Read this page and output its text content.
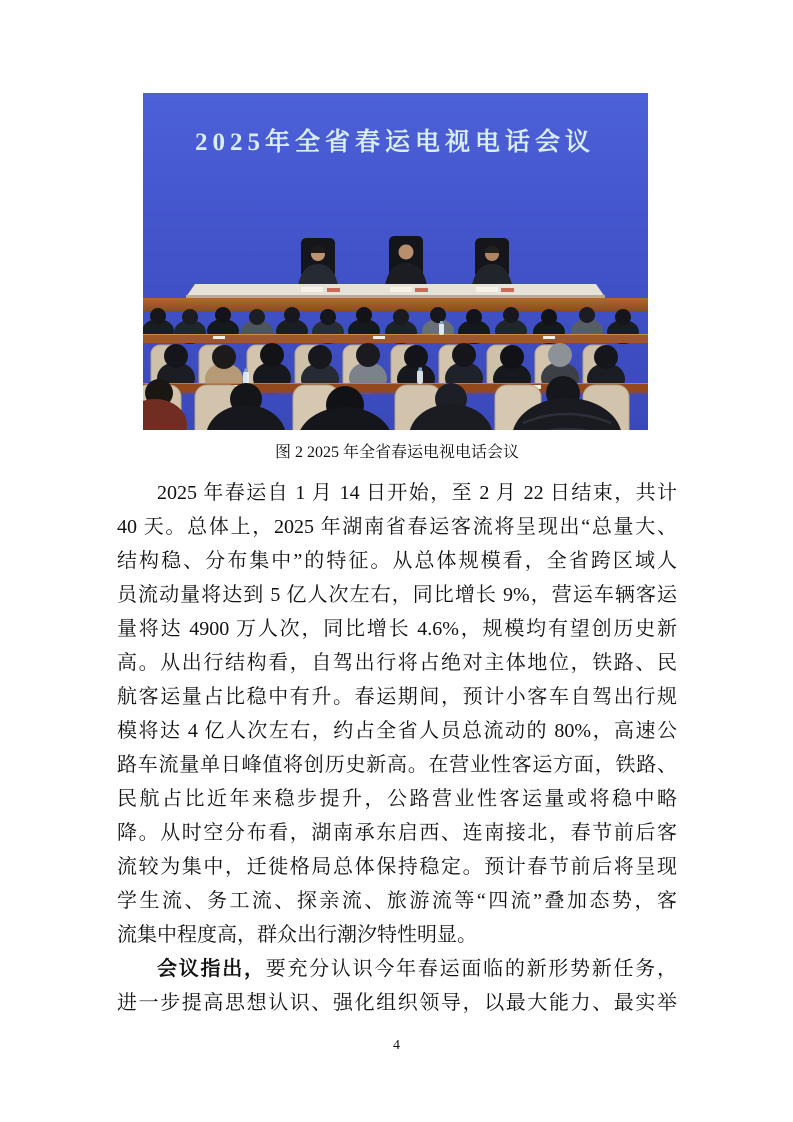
2025年全省春运电视电话会议
图 2 2025 年全省春运电视电话会议
2025 年春运自 1 月 14 日开始，至 2 月 22 日结束，共计
40 天。总体上，2025 年湖南省春运客流将呈现出“总量大、
结构稳、分布集中”的特征。从总体规模看，全省跨区域人
员流动量将达到 5 亿人次左右，同比增长 9%，营运车辆客运
量将达 4900 万人次，同比增长 4.6%，规模均有望创历史新
高。从出行结构看，自驾出行将占绝对主体地位，铁路、民
航客运量占比稳中有升。春运期间，预计小客车自驾出行规
模将达 4 亿人次左右，约占全省人员总流动的 80%，高速公
路车流量单日峰值将创历史新高。在营业性客运方面，铁路、
民航占比近年来稳步提升，公路营业性客运量或将稳中略
降。从时空分布看，湖南承东启西、连南接北，春节前后客
流较为集中，迁徙格局总体保持稳定。预计春节前后将呈现
学生流、务工流、探亲流、旅游流等“四流”叠加态势，客
流集中程度高，群众出行潮汐特性明显。
会议指出，要充分认识今年春运面临的新形势新任务，
进一步提高思想认识、强化组织领导，以最大能力、最实举
4
